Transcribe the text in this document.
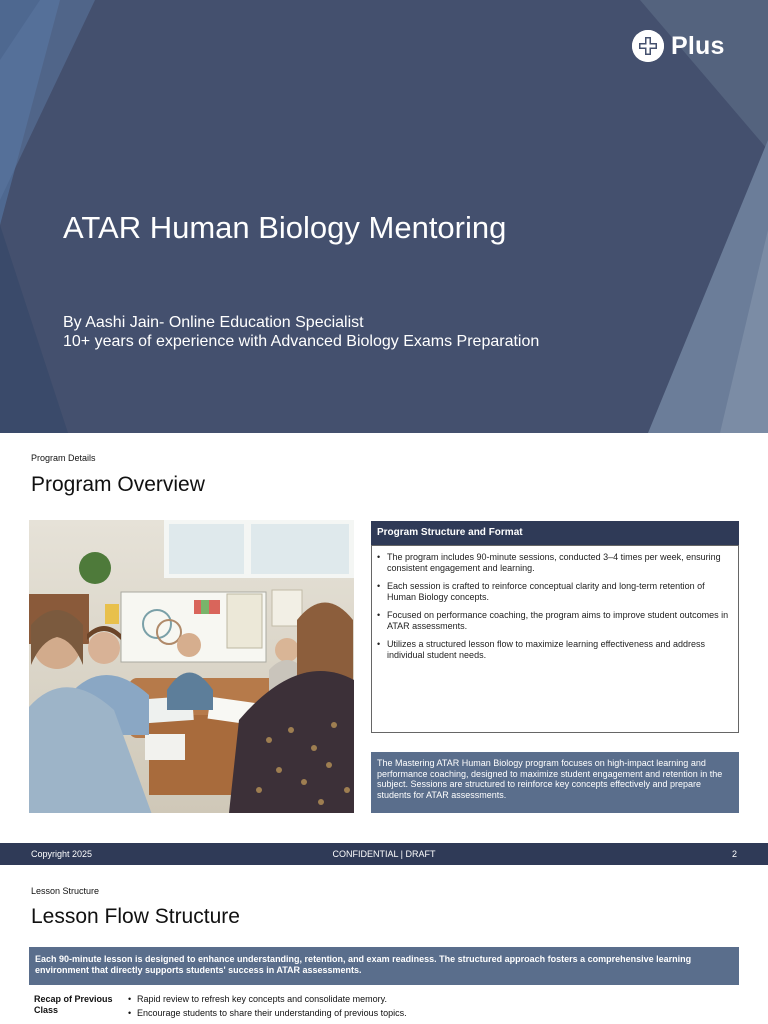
Plus
ATAR Human Biology Mentoring
By Aashi Jain- Online Education Specialist
10+ years of experience with Advanced Biology Exams Preparation
Program Details
Program Overview
Program Structure and Format
• The program includes 90-minute sessions, conducted 3–4 times per week, ensuring consistent engagement and learning.
• Each session is crafted to reinforce conceptual clarity and long-term retention of Human Biology concepts.
• Focused on performance coaching, the program aims to improve student outcomes in ATAR assessments.
• Utilizes a structured lesson flow to maximize learning effectiveness and address individual student needs.
The Mastering ATAR Human Biology program focuses on high-impact learning and performance coaching, designed to maximize student engagement and retention in the subject. Sessions are structured to reinforce key concepts effectively and prepare students for ATAR assessments.
CONFIDENTIAL | DRAFT
Copyright 2025	2
Lesson Structure
Lesson Flow Structure
Each 90-minute lesson is designed to enhance understanding, retention, and exam readiness. The structured approach fosters a comprehensive learning environment that directly supports students' success in ATAR assessments.
Recap of Previous Class
• Rapid review to refresh key concepts and consolidate memory.
• Encourage students to share their understanding of previous topics.
